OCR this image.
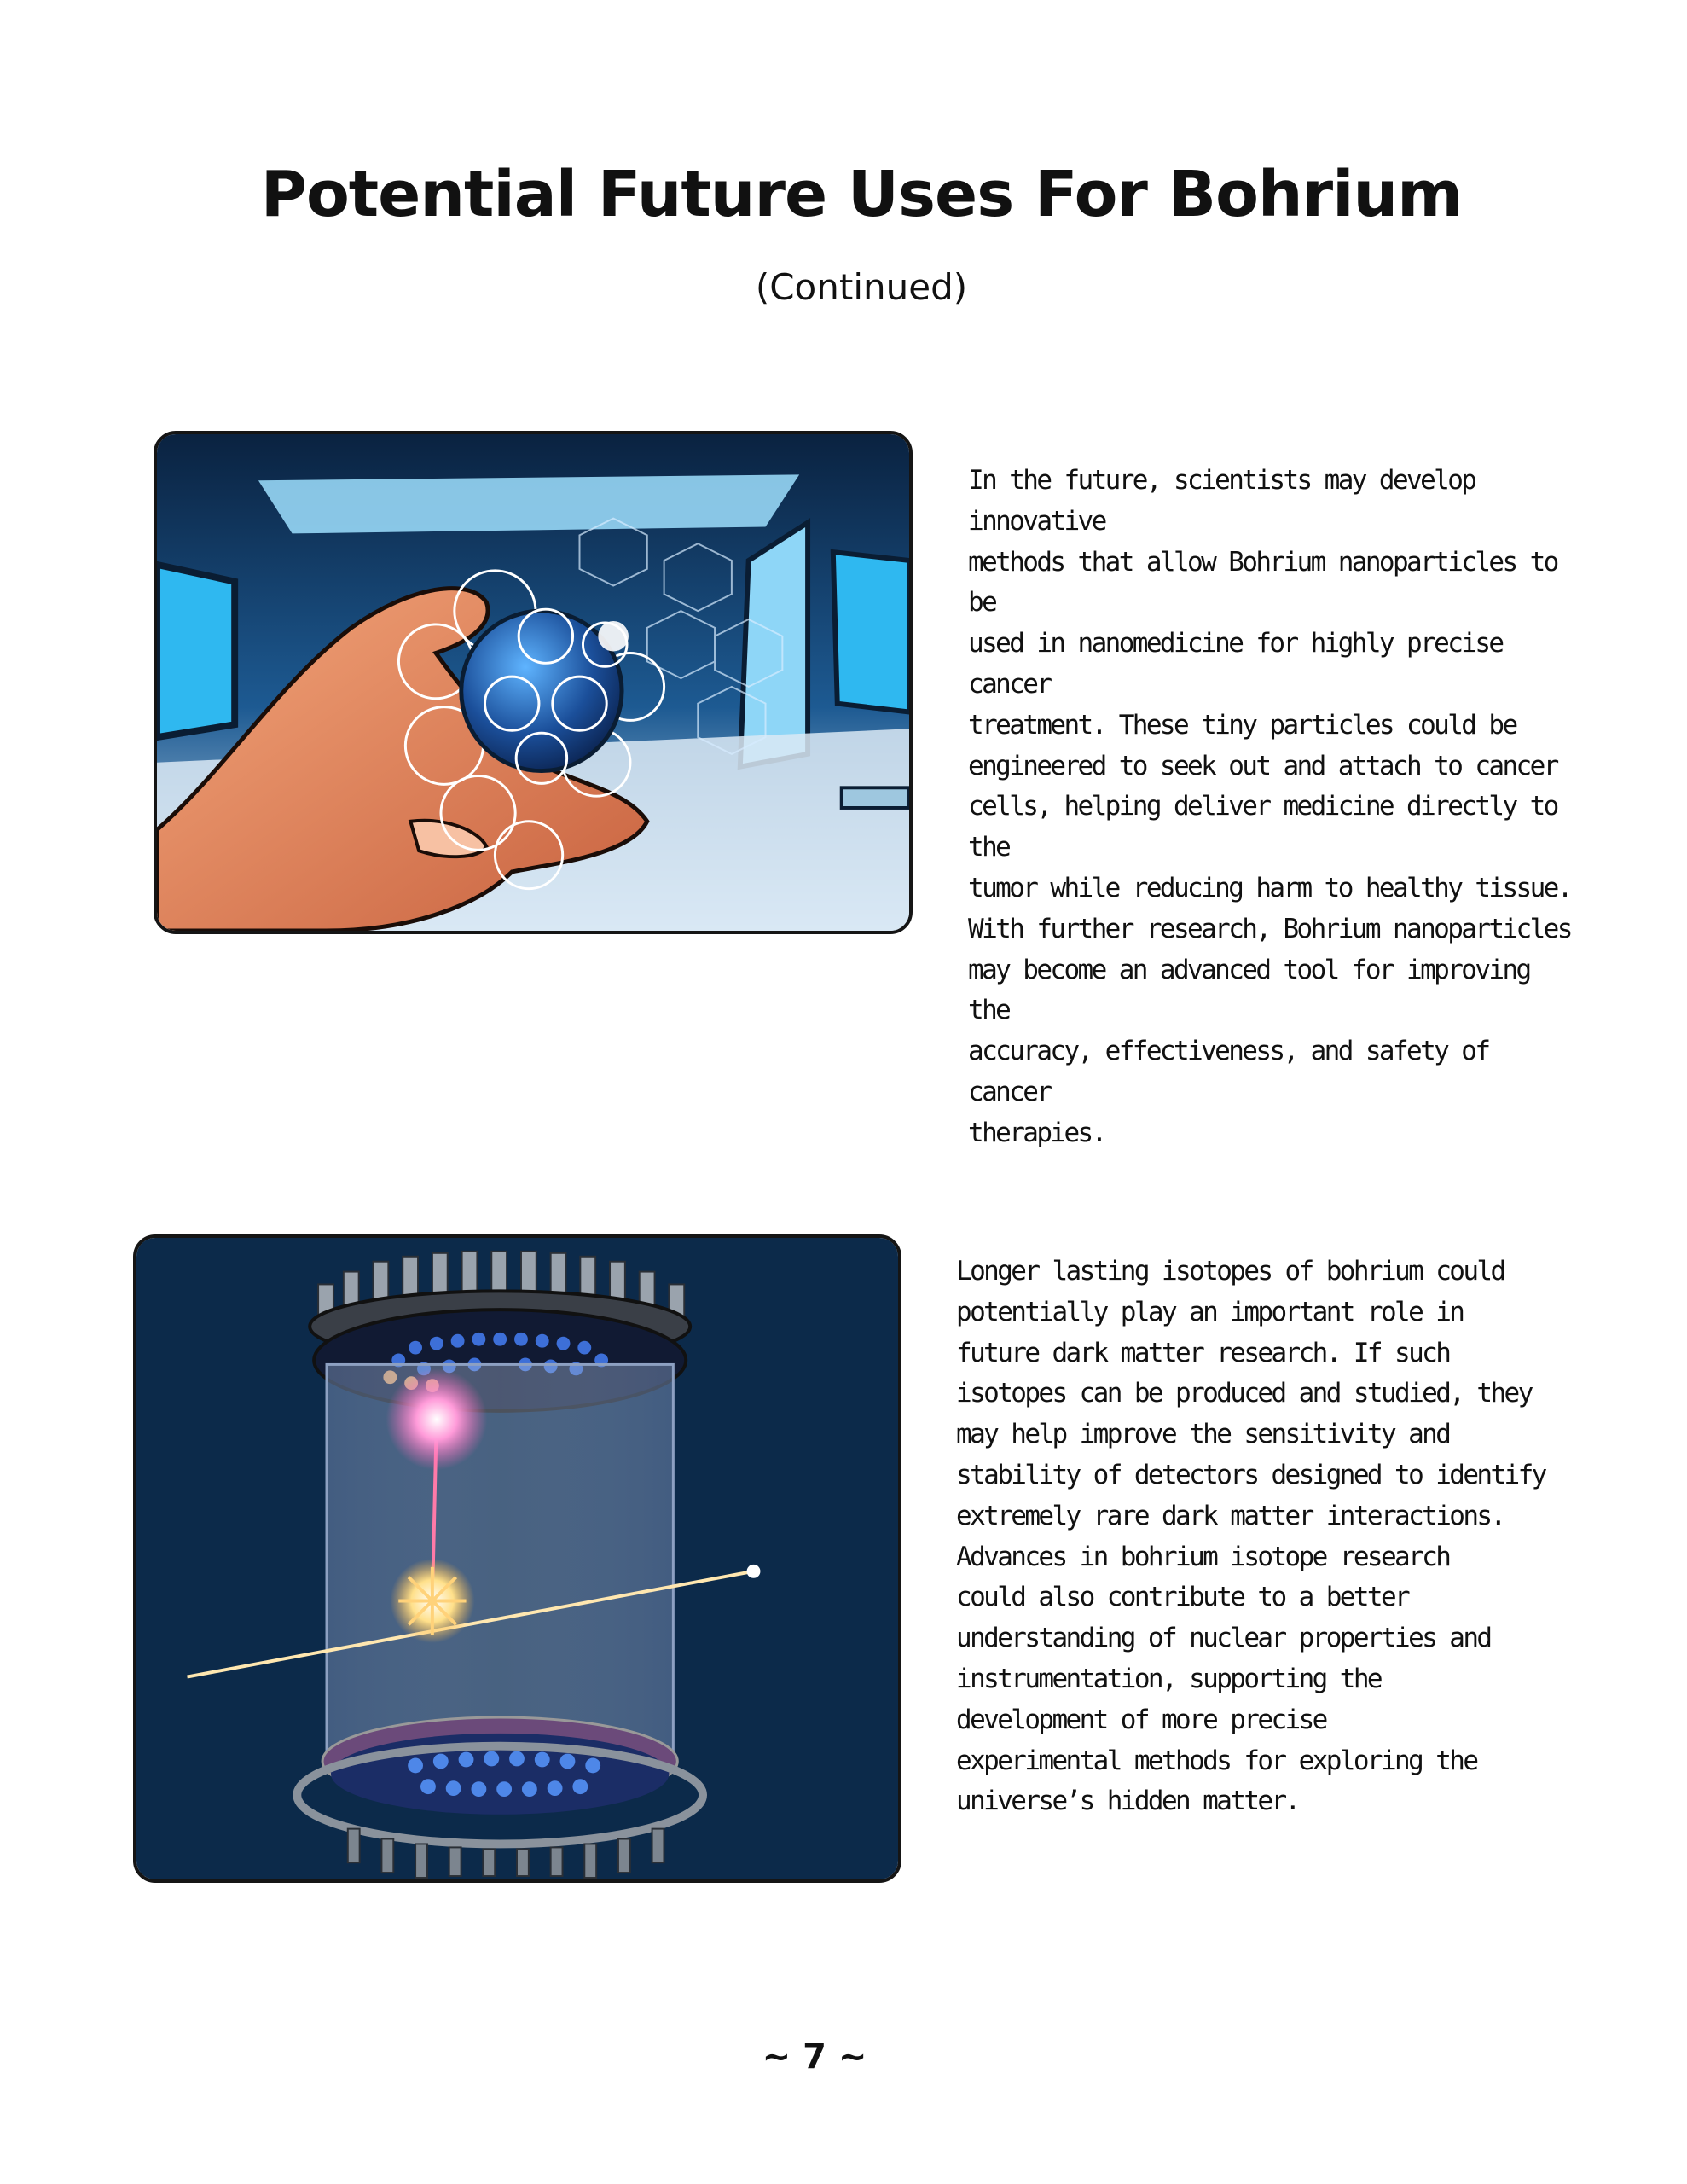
Potential Future Uses For Bohrium

(Continued)

In the future, scientists may develop innovative
methods that allow Bohrium nanoparticles to be
used in nanomedicine for highly precise cancer
treatment. These tiny particles could be
engineered to seek out and attach to cancer
cells, helping deliver medicine directly to the
tumor while reducing harm to healthy tissue.
With further research, Bohrium nanoparticles
may become an advanced tool for improving the
accuracy, effectiveness, and safety of cancer
therapies.

Longer lasting isotopes of bohrium could
potentially play an important role in
future dark matter research. If such
isotopes can be produced and studied, they
may help improve the sensitivity and
stability of detectors designed to identify
extremely rare dark matter interactions.
Advances in bohrium isotope research
could also contribute to a better
understanding of nuclear properties and
instrumentation, supporting the
development of more precise
experimental methods for exploring the
universe’s hidden matter.

~ 7 ~
